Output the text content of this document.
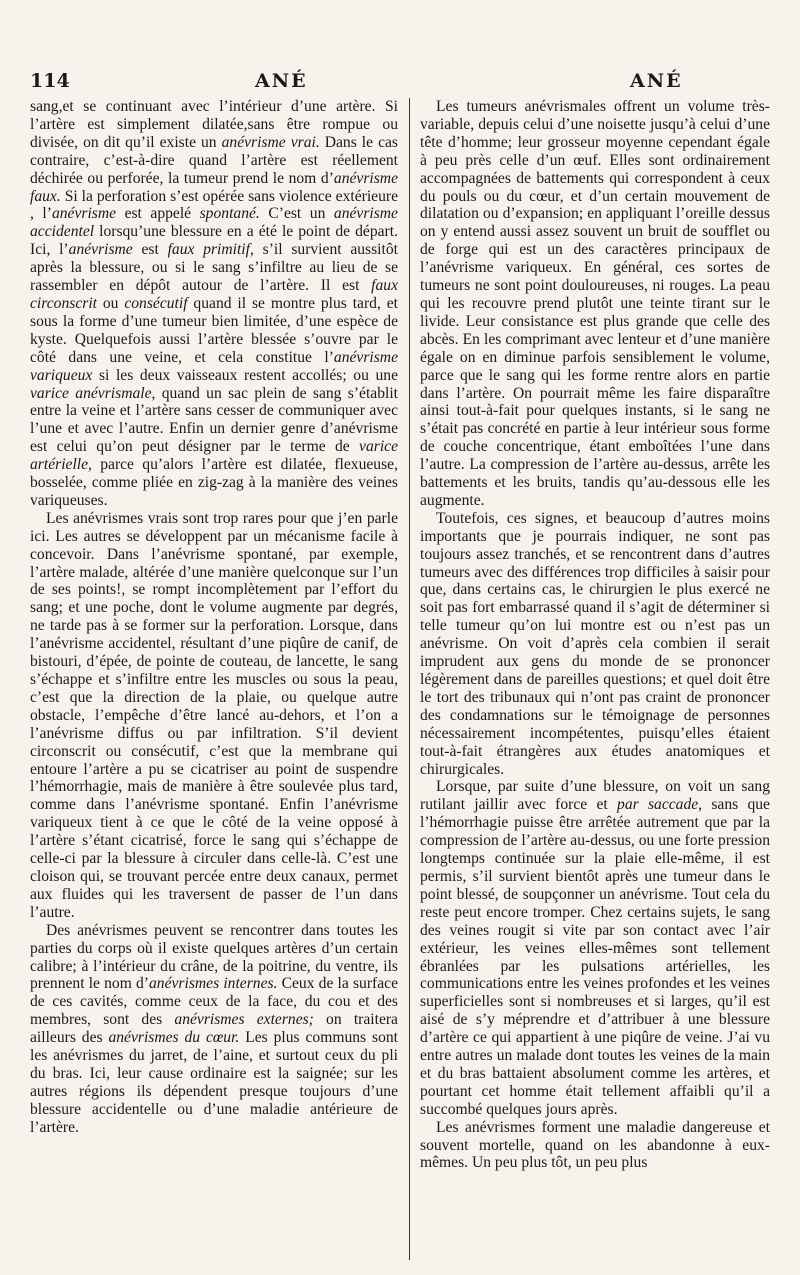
114	ANÉ	ANÉ

sang,et se continuant avec l’intérieur d’une artère. Si l’artère est simplement dilatée,sans être rompue ou divisée, on dit qu’il existe un anévrisme vrai. Dans le cas contraire, c’est-à-dire quand l’artère est réellement déchirée ou perforée, la tumeur prend le nom d’anévrisme faux. Si la perforation s’est opérée sans violence extérieure , l’anévrisme est appelé spontané. C’est un anévrisme accidentel lorsqu’une blessure en a été le point de départ. Ici, l’anévrisme est faux primitif, s’il survient aussitôt après la blessure, ou si le sang s’infiltre au lieu de se rassembler en dépôt autour de l’artère. Il est faux circonscrit ou consécutif quand il se montre plus tard, et sous la forme d’une tumeur bien limitée, d’une espèce de kyste. Quelquefois aussi l’artère blessée s’ouvre par le côté dans une veine, et cela constitue l’anévrisme variqueux si les deux vaisseaux restent accollés; ou une varice anévrismale, quand un sac plein de sang s’établit entre la veine et l’artère sans cesser de communiquer avec l’une et avec l’autre. Enfin un dernier genre d’anévrisme est celui qu’on peut désigner par le terme de varice artérielle, parce qu’alors l’artère est dilatée, flexueuse, bosselée, comme pliée en zig-zag à la manière des veines variqueuses.

Les anévrismes vrais sont trop rares pour que j’en parle ici. Les autres se développent par un mécanisme facile à concevoir. Dans l’anévrisme spontané, par exemple, l’artère malade, altérée d’une manière quelconque sur l’un de ses points!, se rompt incomplètement par l’effort du sang; et une poche, dont le volume augmente par degrés, ne tarde pas à se former sur la perforation. Lorsque, dans l’anévrisme accidentel, résultant d’une piqûre de canif, de bistouri, d’épée, de pointe de couteau, de lancette, le sang s’échappe et s’infiltre entre les muscles ou sous la peau, c’est que la direction de la plaie, ou quelque autre obstacle, l’empêche d’être lancé au-dehors, et l’on a l’anévrisme diffus ou par infiltration. S’il devient circonscrit ou consécutif, c’est que la membrane qui entoure l’artère a pu se cicatriser au point de suspendre l’hémorrhagie, mais de manière à être soulevée plus tard, comme dans l’anévrisme spontané. Enfin l’anévrisme variqueux tient à ce que le côté de la veine opposé à l’artère s’étant cicatrisé, force le sang qui s’échappe de celle-ci par la blessure à circuler dans celle-là. C’est une cloison qui, se trouvant percée entre deux canaux, permet aux fluides qui les traversent de passer de l’un dans l’autre.

Des anévrismes peuvent se rencontrer dans toutes les parties du corps où il existe quelques artères d’un certain calibre; à l’intérieur du crâne, de la poitrine, du ventre, ils prennent le nom d’anévrismes internes. Ceux de la surface de ces cavités, comme ceux de la face, du cou et des membres, sont des anévrismes externes; on traitera ailleurs des anévrismes du cœur. Les plus communs sont les anévrismes du jarret, de l’aine, et surtout ceux du pli du bras. Ici, leur cause ordinaire est la saignée; sur les autres régions ils dépendent presque toujours d’une blessure accidentelle ou d’une maladie antérieure de l’artère.

Les tumeurs anévrismales offrent un volume très-variable, depuis celui d’une noisette jusqu’à celui d’une tête d’homme; leur grosseur moyenne cependant égale à peu près celle d’un œuf. Elles sont ordinairement accompagnées de battements qui correspondent à ceux du pouls ou du cœur, et d’un certain mouvement de dilatation ou d’expansion; en appliquant l’oreille dessus on y entend aussi assez souvent un bruit de soufflet ou de forge qui est un des caractères principaux de l’anévrisme variqueux. En général, ces sortes de tumeurs ne sont point douloureuses, ni rouges. La peau qui les recouvre prend plutôt une teinte tirant sur le livide. Leur consistance est plus grande que celle des abcès. En les comprimant avec lenteur et d’une manière égale on en diminue parfois sensiblement le volume, parce que le sang qui les forme rentre alors en partie dans l’artère. On pourrait même les faire disparaître ainsi tout-à-fait pour quelques instants, si le sang ne s’était pas concrété en partie à leur intérieur sous forme de couche concentrique, étant emboîtées l’une dans l’autre. La compression de l’artère au-dessus, arrête les battements et les bruits, tandis qu’au-dessous elle les augmente.

Toutefois, ces signes, et beaucoup d’autres moins importants que je pourrais indiquer, ne sont pas toujours assez tranchés, et se rencontrent dans d’autres tumeurs avec des différences trop difficiles à saisir pour que, dans certains cas, le chirurgien le plus exercé ne soit pas fort embarrassé quand il s’agit de déterminer si telle tumeur qu’on lui montre est ou n’est pas un anévrisme. On voit d’après cela combien il serait imprudent aux gens du monde de se prononcer légèrement dans de pareilles questions; et quel doit être le tort des tribunaux qui n’ont pas craint de prononcer des condamnations sur le témoignage de personnes nécessairement incompétentes, puisqu’elles étaient tout-à-fait étrangères aux études anatomiques et chirurgicales.

Lorsque, par suite d’une blessure, on voit un sang rutilant jaillir avec force et par saccade, sans que l’hémorrhagie puisse être arrêtée autrement que par la compression de l’artère au-dessus, ou une forte pression longtemps continuée sur la plaie elle-même, il est permis, s’il survient bientôt après une tumeur dans le point blessé, de soupçonner un anévrisme. Tout cela du reste peut encore tromper. Chez certains sujets, le sang des veines rougit si vite par son contact avec l’air extérieur, les veines elles-mêmes sont tellement ébranlées par les pulsations artérielles, les communications entre les veines profondes et les veines superficielles sont si nombreuses et si larges, qu’il est aisé de s’y méprendre et d’attribuer à une blessure d’artère ce qui appartient à une piqûre de veine. J’ai vu entre autres un malade dont toutes les veines de la main et du bras battaient absolument comme les artères, et pourtant cet homme était tellement affaibli qu’il a succombé quelques jours après.

Les anévrismes forment une maladie dangereuse et souvent mortelle, quand on les abandonne à eux-mêmes. Un peu plus tôt, un peu plus
